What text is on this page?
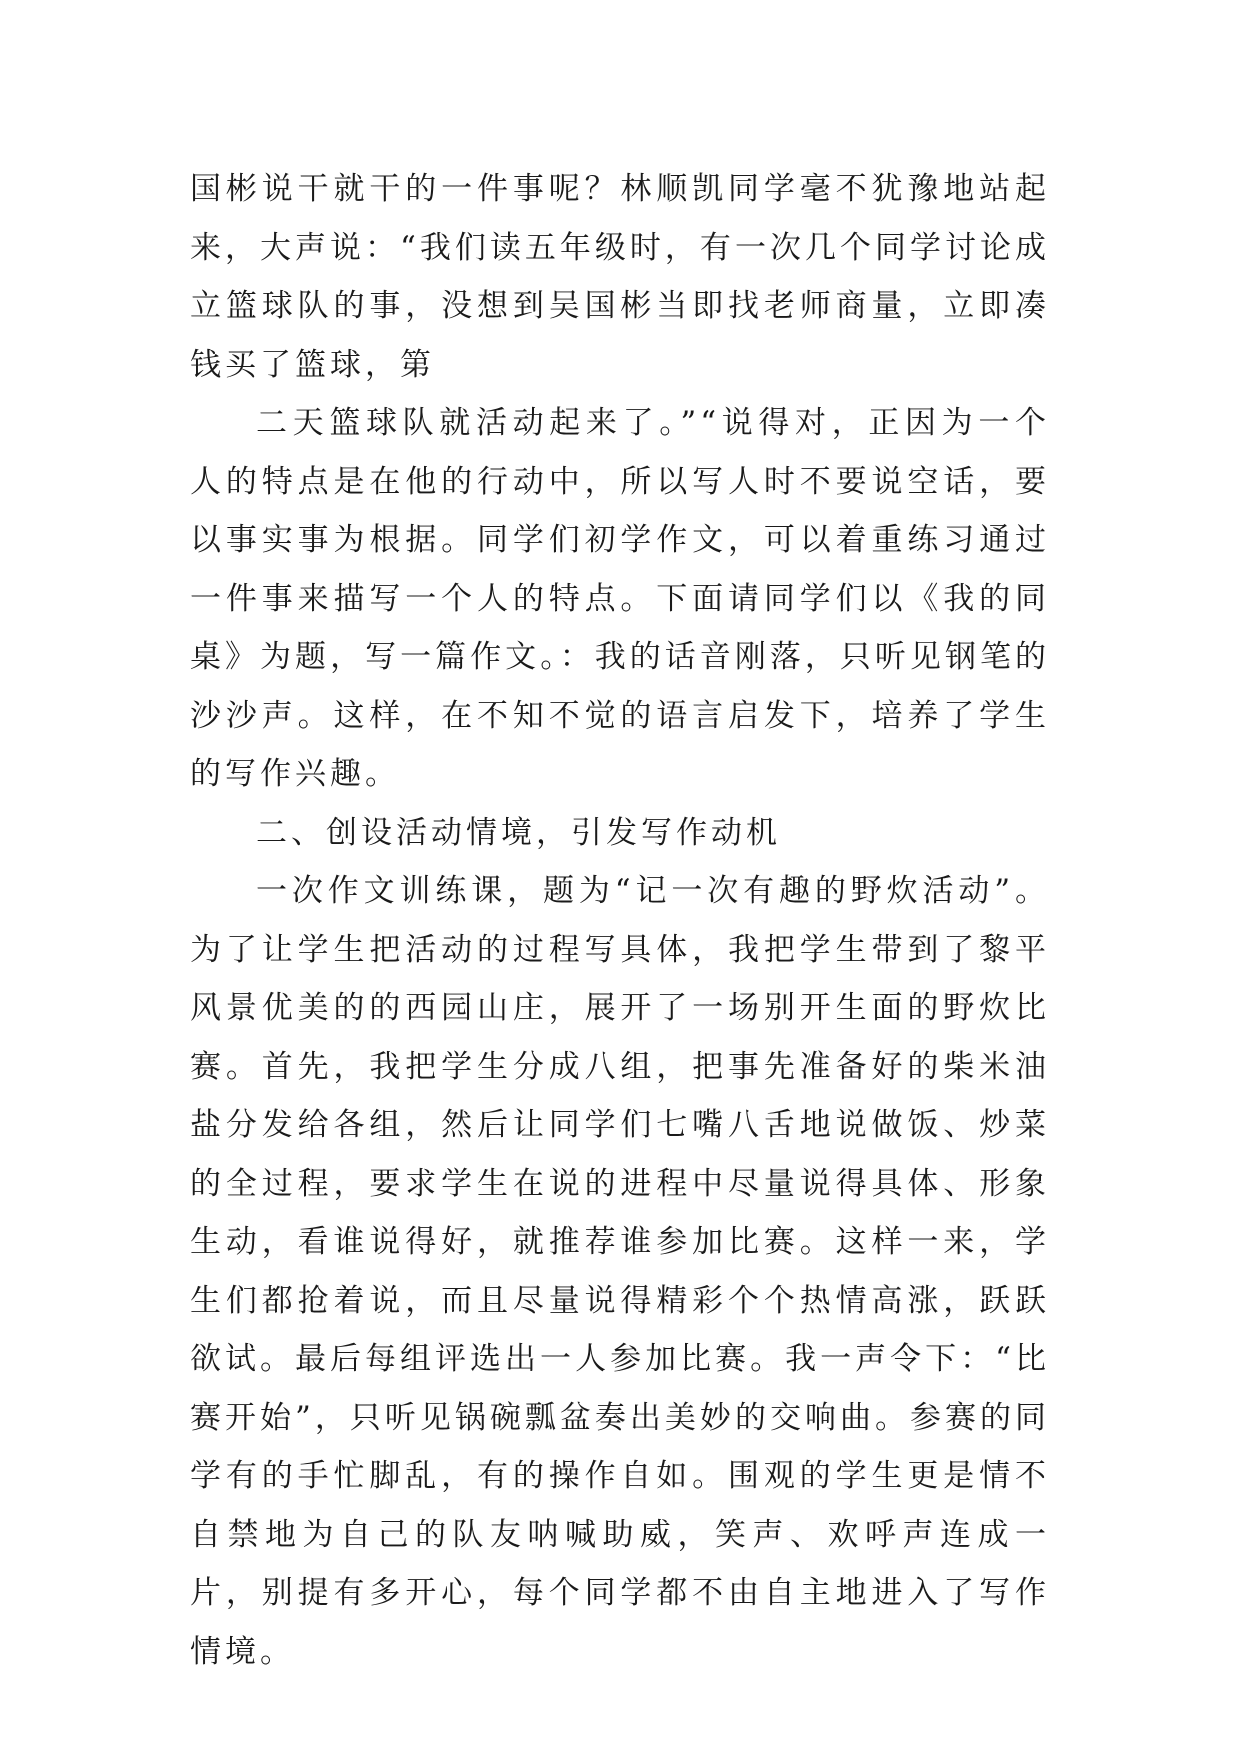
国彬说干就干的一件事呢？林顺凯同学毫不犹豫地站起来，大声说：“我们读五年级时，有一次几个同学讨论成立篮球队的事，没想到吴国彬当即找老师商量，立即凑钱买了篮球，第

二天篮球队就活动起来了。”“说得对，正因为一个人的特点是在他的行动中，所以写人时不要说空话，要以事实事为根据。同学们初学作文，可以着重练习通过一件事来描写一个人的特点。下面请同学们以《我的同桌》为题，写一篇作文。：我的话音刚落，只听见钢笔的沙沙声。这样，在不知不觉的语言启发下，培养了学生的写作兴趣。

二、创设活动情境，引发写作动机

一次作文训练课，题为“记一次有趣的野炊活动”。为了让学生把活动的过程写具体，我把学生带到了黎平风景优美的的西园山庄，展开了一场别开生面的野炊比赛。首先，我把学生分成八组，把事先准备好的柴米油盐分发给各组，然后让同学们七嘴八舌地说做饭、炒菜的全过程，要求学生在说的进程中尽量说得具体、形象生动，看谁说得好，就推荐谁参加比赛。这样一来，学生们都抢着说，而且尽量说得精彩个个热情高涨，跃跃欲试。最后每组评选出一人参加比赛。我一声令下：“比赛开始”，只听见锅碗瓢盆奏出美妙的交响曲。参赛的同学有的手忙脚乱，有的操作自如。围观的学生更是情不自禁地为自己的队友呐喊助威，笑声、欢呼声连成一片，别提有多开心，每个同学都不由自主地进入了写作情境。
